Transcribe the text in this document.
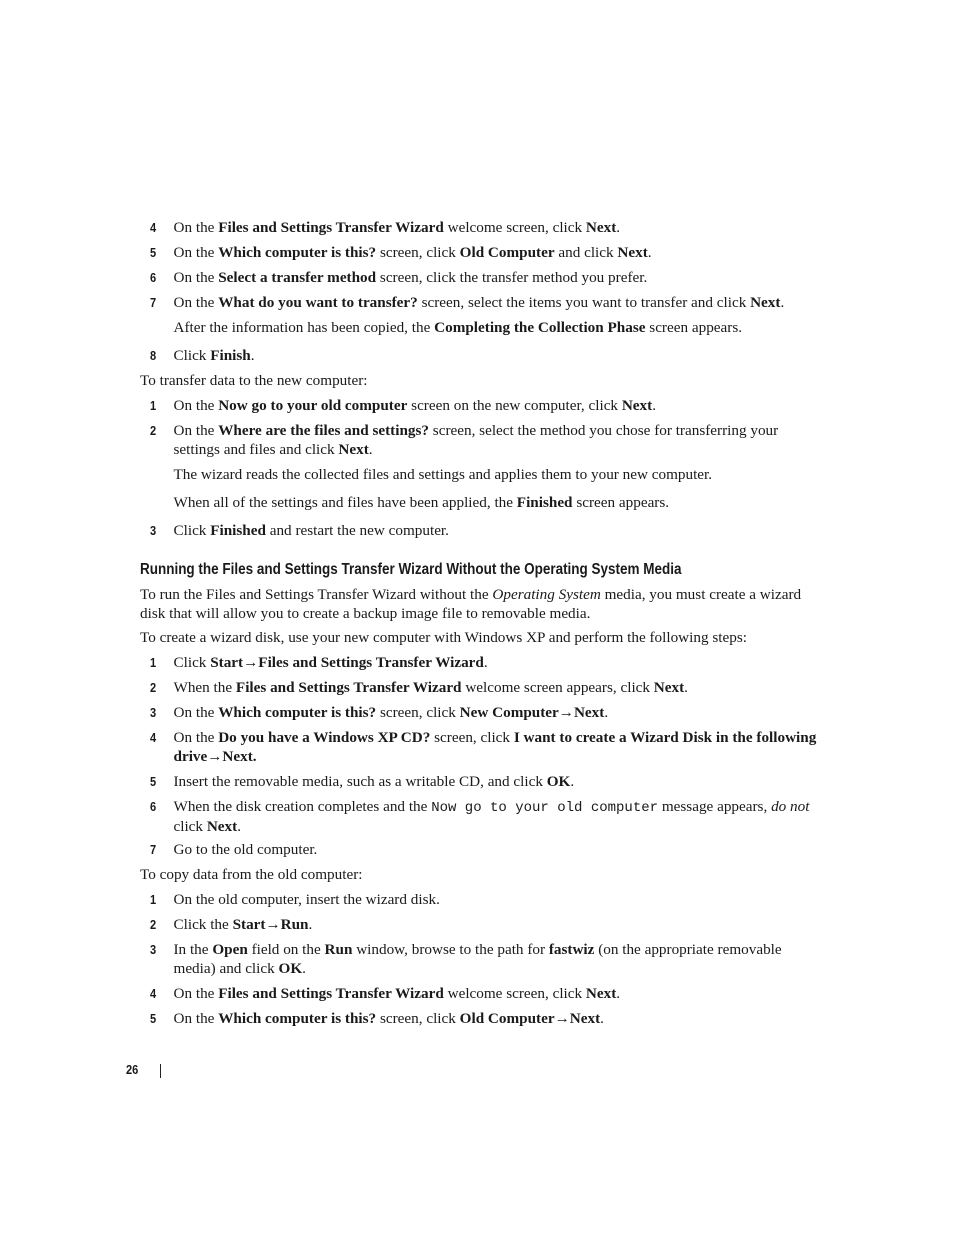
4	On the Files and Settings Transfer Wizard welcome screen, click Next.
5	On the Which computer is this? screen, click Old Computer and click Next.
6	On the Select a transfer method screen, click the transfer method you prefer.
7	On the What do you want to transfer? screen, select the items you want to transfer and click Next.

After the information has been copied, the Completing the Collection Phase screen appears.

8	Click Finish.

To transfer data to the new computer:

1	On the Now go to your old computer screen on the new computer, click Next.
2	On the Where are the files and settings? screen, select the method you chose for transferring your settings and files and click Next.

The wizard reads the collected files and settings and applies them to your new computer.

When all of the settings and files have been applied, the Finished screen appears.

3	Click Finished and restart the new computer.
Running the Files and Settings Transfer Wizard Without the Operating System Media

To run the Files and Settings Transfer Wizard without the Operating System media, you must create a wizard disk that will allow you to create a backup image file to removable media.

To create a wizard disk, use your new computer with Windows XP and perform the following steps:

1	Click Start→Files and Settings Transfer Wizard.
2	When the Files and Settings Transfer Wizard welcome screen appears, click Next.
3	On the Which computer is this? screen, click New Computer→Next.
4	On the Do you have a Windows XP CD? screen, click I want to create a Wizard Disk in the following drive→Next.
5	Insert the removable media, such as a writable CD, and click OK.
6	When the disk creation completes and the Now go to your old computer message appears, do not click Next.
7	Go to the old computer.

To copy data from the old computer:

1	On the old computer, insert the wizard disk.
2	Click the Start→Run.
3	In the Open field on the Run window, browse to the path for fastwiz (on the appropriate removable media) and click OK.
4	On the Files and Settings Transfer Wizard welcome screen, click Next.
5	On the Which computer is this? screen, click Old Computer→Next.
26
